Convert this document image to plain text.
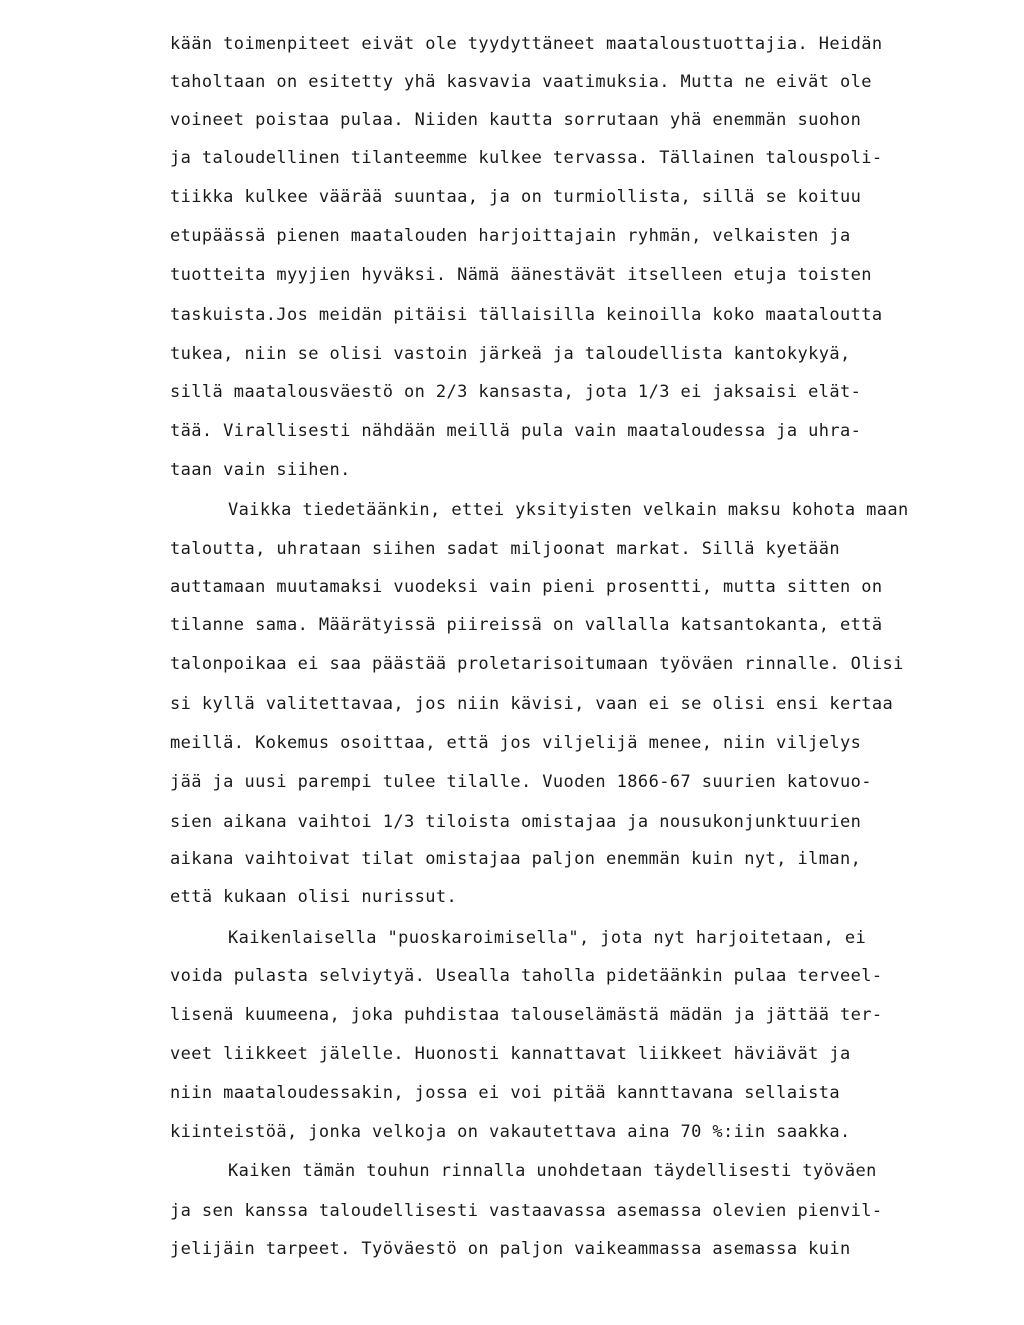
kään toimenpiteet eivät ole tyydyttäneet maataloustuottajia. Heidän
taholtaan on esitetty yhä kasvavia vaatimuksia. Mutta ne eivät ole
voineet poistaa pulaa. Niiden kautta sorrutaan yhä enemmän suohon
ja taloudellinen tilanteemme kulkee tervassa. Tällainen talouspoli-
tiikka kulkee väärää suuntaa, ja on turmiollista, sillä se koituu
etupäässä pienen maatalouden harjoittajain ryhmän, velkaisten ja
tuotteita myyjien hyväksi. Nämä äänestävät itselleen etuja toisten
taskuista.Jos meidän pitäisi tällaisilla keinoilla koko maataloutta
tukea, niin se olisi vastoin järkeä ja taloudellista kantokykyä,
sillä maatalousväestö on 2/3 kansasta, jota 1/3 ei jaksaisi elät-
tää. Virallisesti nähdään meillä pula vain maataloudessa ja uhra-
taan vain siihen.
Vaikka tiedetäänkin, ettei yksityisten velkain maksu kohota maan
taloutta, uhrataan siihen sadat miljoonat markat. Sillä kyetään
auttamaan muutamaksi vuodeksi vain pieni prosentti, mutta sitten on
tilanne sama. Määrätyissä piireissä on vallalla katsantokanta, että
talonpoikaa ei saa päästää proletarisoitumaan työväen rinnalle. Olisi
si kyllä valitettavaa, jos niin kävisi, vaan ei se olisi ensi kertaa
meillä. Kokemus osoittaa, että jos viljelijä menee, niin viljelys
jää ja uusi parempi tulee tilalle. Vuoden 1866-67 suurien katovuo-
sien aikana vaihtoi 1/3 tiloista omistajaa ja nousukonjunktuurien
aikana vaihtoivat tilat omistajaa paljon enemmän kuin nyt, ilman,
että kukaan olisi nurissut.
Kaikenlaisella "puoskaroimisella", jota nyt harjoitetaan, ei
voida pulasta selviytyä. Usealla taholla pidetäänkin pulaa terveel-
lisenä kuumeena, joka puhdistaa talouselämästä mädän ja jättää ter-
veet liikkeet jälelle. Huonosti kannattavat liikkeet häviävät ja
niin maataloudessakin, jossa ei voi pitää kannttavana sellaista
kiinteistöä, jonka velkoja on vakautettava aina 70 %:iin saakka.
Kaiken tämän touhun rinnalla unohdetaan täydellisesti työväen
ja sen kanssa taloudellisesti vastaavassa asemassa olevien pienvil-
jelijäin tarpeet. Työväestö on paljon vaikeammassa asemassa kuin
